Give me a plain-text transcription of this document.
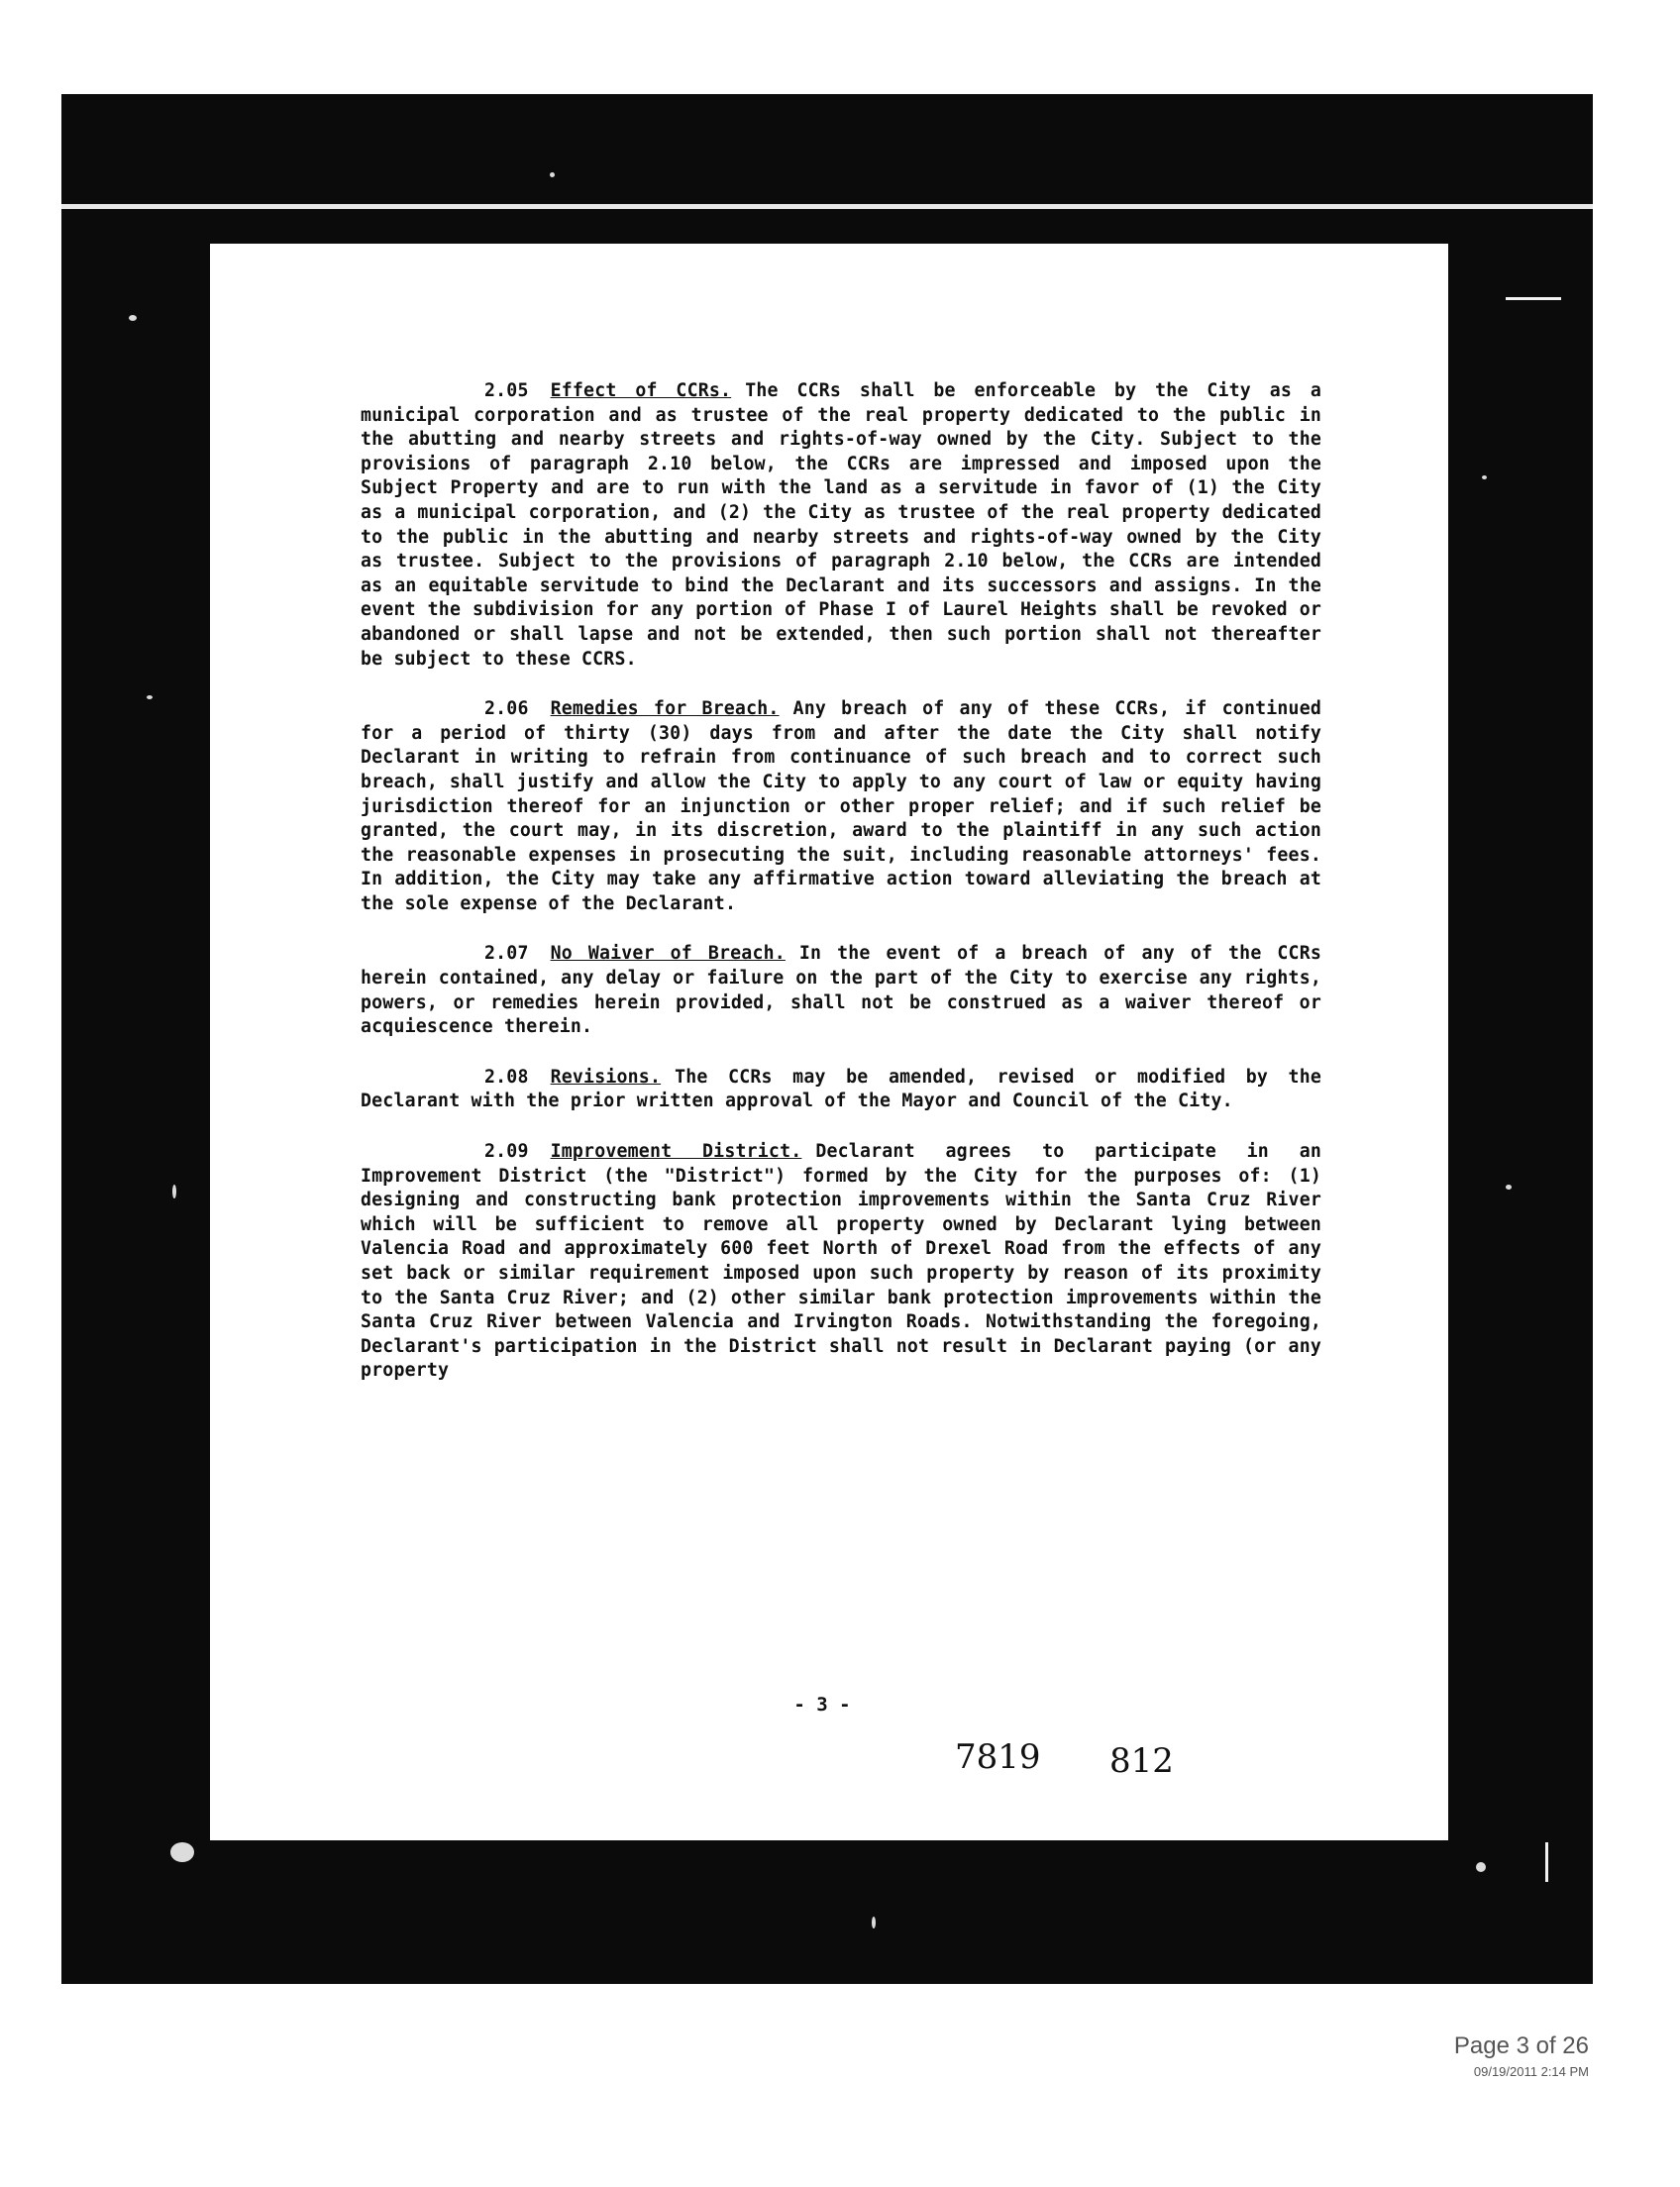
2.05 Effect of CCRs. The CCRs shall be enforceable by the City as a municipal corporation and as trustee of the real property dedicated to the public in the abutting and nearby streets and rights-of-way owned by the City. Subject to the provisions of paragraph 2.10 below, the CCRs are impressed and imposed upon the Subject Property and are to run with the land as a servitude in favor of (1) the City as a municipal corporation, and (2) the City as trustee of the real property dedicated to the public in the abutting and nearby streets and rights-of-way owned by the City as trustee. Subject to the provisions of paragraph 2.10 below, the CCRs are intended as an equitable servitude to bind the Declarant and its successors and assigns. In the event the subdivision for any portion of Phase I of Laurel Heights shall be revoked or abandoned or shall lapse and not be extended, then such portion shall not thereafter be subject to these CCRS.

2.06 Remedies for Breach. Any breach of any of these CCRs, if continued for a period of thirty (30) days from and after the date the City shall notify Declarant in writing to refrain from continuance of such breach and to correct such breach, shall justify and allow the City to apply to any court of law or equity having jurisdiction thereof for an injunction or other proper relief; and if such relief be granted, the court may, in its discretion, award to the plaintiff in any such action the reasonable expenses in prosecuting the suit, including reasonable attorneys' fees. In addition, the City may take any affirmative action toward alleviating the breach at the sole expense of the Declarant.

2.07 No Waiver of Breach. In the event of a breach of any of the CCRs herein contained, any delay or failure on the part of the City to exercise any rights, powers, or remedies herein provided, shall not be construed as a waiver thereof or acquiescence therein.

2.08 Revisions. The CCRs may be amended, revised or modified by the Declarant with the prior written approval of the Mayor and Council of the City.

2.09 Improvement District. Declarant agrees to participate in an Improvement District (the "District") formed by the City for the purposes of: (1) designing and constructing bank protection improvements within the Santa Cruz River which will be sufficient to remove all property owned by Declarant lying between Valencia Road and approximately 600 feet North of Drexel Road from the effects of any set back or similar requirement imposed upon such property by reason of its proximity to the Santa Cruz River; and (2) other similar bank protection improvements within the Santa Cruz River between Valencia and Irvington Roads. Notwithstanding the foregoing, Declarant's participation in the District shall not result in Declarant paying (or any property

- 3 -
7819 812
Page 3 of 26
09/19/2011 2:14 PM
